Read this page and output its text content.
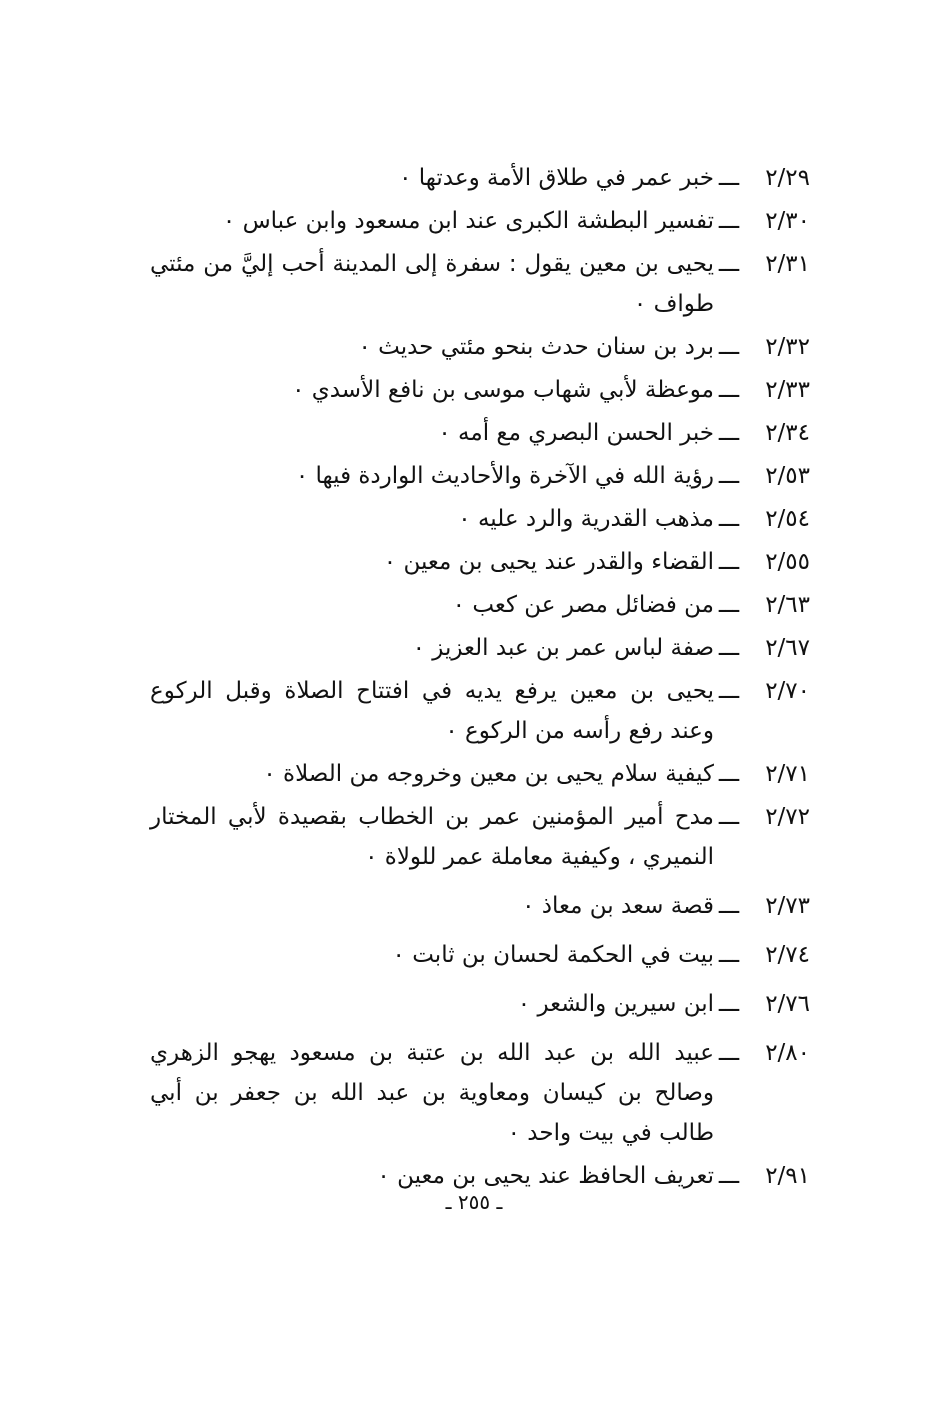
٢/٢٩
ـــ
خبر عمر في طلاق الأمة وعدتها ٠
٢/٣٠
ـــ
تفسير البطشة الكبرى عند ابن مسعود وابن عباس ٠
٢/٣١
ـــ
يحيى بن معين يقول : سفرة إلى المدينة أحب إليَّ من مئتي طواف ٠
٢/٣٢
ـــ
برد بن سنان حدث بنحو مئتي حديث ٠
٢/٣٣
ـــ
موعظة لأبي شهاب موسى بن نافع الأسدي ٠
٢/٣٤
ـــ
خبر الحسن البصري مع أمه ٠
٢/٥٣
ـــ
رؤية الله في الآخرة والأحاديث الواردة فيها ٠
٢/٥٤
ـــ
مذهب القدرية والرد عليه ٠
٢/٥٥
ـــ
القضاء والقدر عند يحيى بن معين ٠
٢/٦٣
ـــ
من فضائل مصر عن كعب ٠
٢/٦٧
ـــ
صفة لباس عمر بن عبد العزيز ٠
٢/٧٠
ـــ
يحيى بن معين يرفع يديه في افتتاح الصلاة وقبل الركوع وعند رفع رأسه من الركوع ٠
٢/٧١
ـــ
كيفية سلام يحيى بن معين وخروجه من الصلاة ٠
٢/٧٢
ـــ
مدح أمير المؤمنين عمر بن الخطاب بقصيدة لأبي المختار النميري ، وكيفية معاملة عمر للولاة ٠
٢/٧٣
ـــ
قصة سعد بن معاذ ٠
٢/٧٤
ـــ
بيت في الحكمة لحسان بن ثابت ٠
٢/٧٦
ـــ
ابن سيرين والشعر ٠
٢/٨٠
ـــ
عبيد الله بن عبد الله بن عتبة بن مسعود يهجو الزهري وصالح بن كيسان ومعاوية بن عبد الله بن جعفر بن أبي طالب في بيت واحد ٠
٢/٩١
ـــ
تعريف الحافظ عند يحيى بن معين ٠
ـ ٢٥٥ ـ
